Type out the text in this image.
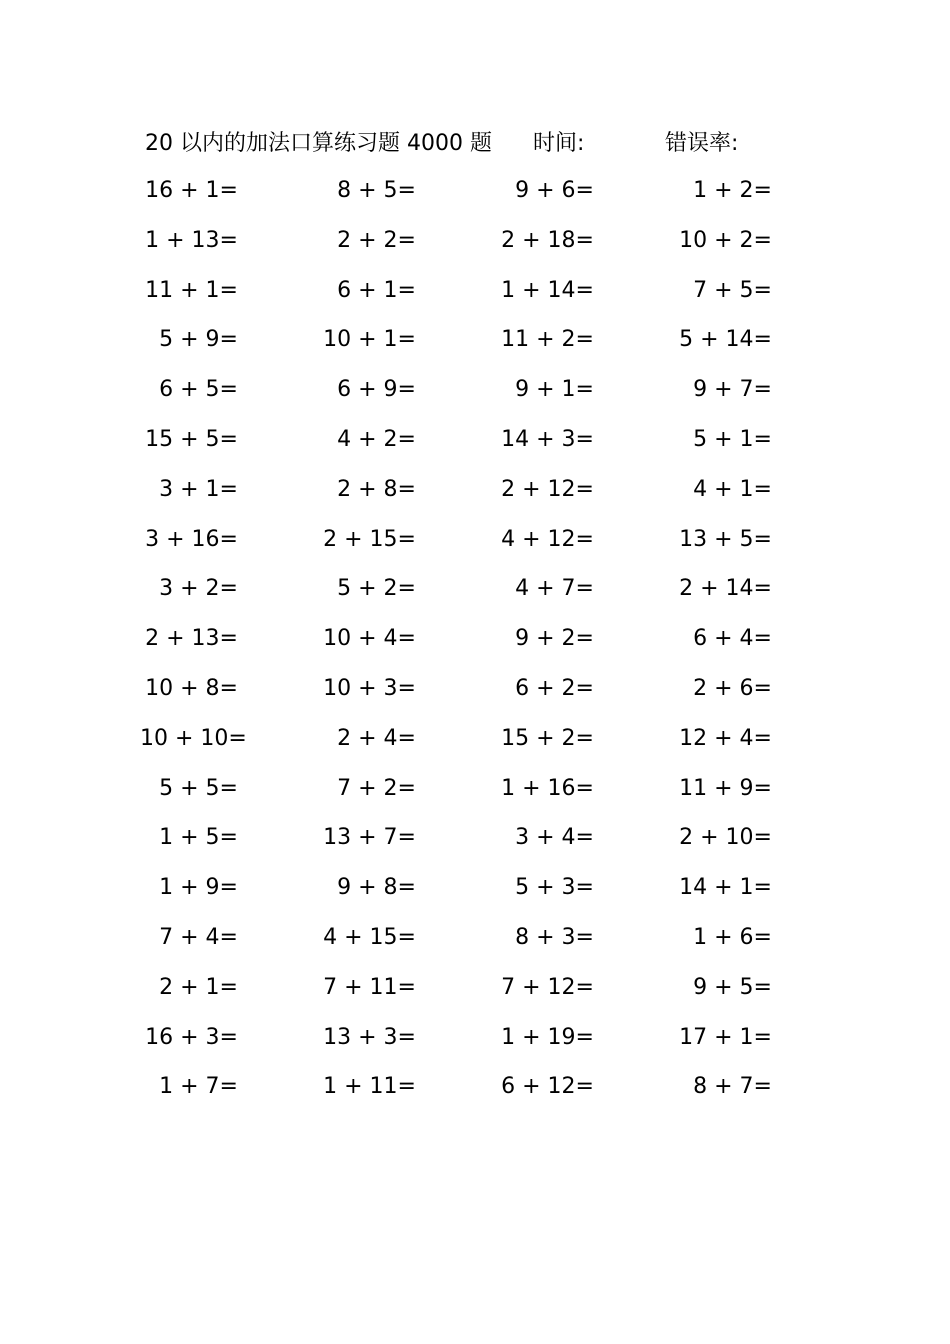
20 以内的加法口算练习题 4000 题 时间:	错误率:
16 + 1=	8 + 5=	9 + 6=	1 + 2=
1 + 13=	2 + 2=	2 + 18=	10 + 2=
11 + 1=	6 + 1=	1 + 14=	7 + 5=
5 + 9=	10 + 1=	11 + 2=	5 + 14=
6 + 5=	6 + 9=	9 + 1=	9 + 7=
15 + 5=	4 + 2=	14 + 3=	5 + 1=
3 + 1=	2 + 8=	2 + 12=	4 + 1=
3 + 16=	2 + 15=	4 + 12=	13 + 5=
3 + 2=	5 + 2=	4 + 7=	2 + 14=
2 + 13=	10 + 4=	9 + 2=	6 + 4=
10 + 8=	10 + 3=	6 + 2=	2 + 6=
10 + 10=	2 + 4=	15 + 2=	12 + 4=
5 + 5=	7 + 2=	1 + 16=	11 + 9=
1 + 5=	13 + 7=	3 + 4=	2 + 10=
1 + 9=	9 + 8=	5 + 3=	14 + 1=
7 + 4=	4 + 15=	8 + 3=	1 + 6=
2 + 1=	7 + 11=	7 + 12=	9 + 5=
16 + 3=	13 + 3=	1 + 19=	17 + 1=
1 + 7=	1 + 11=	6 + 12=	8 + 7=
